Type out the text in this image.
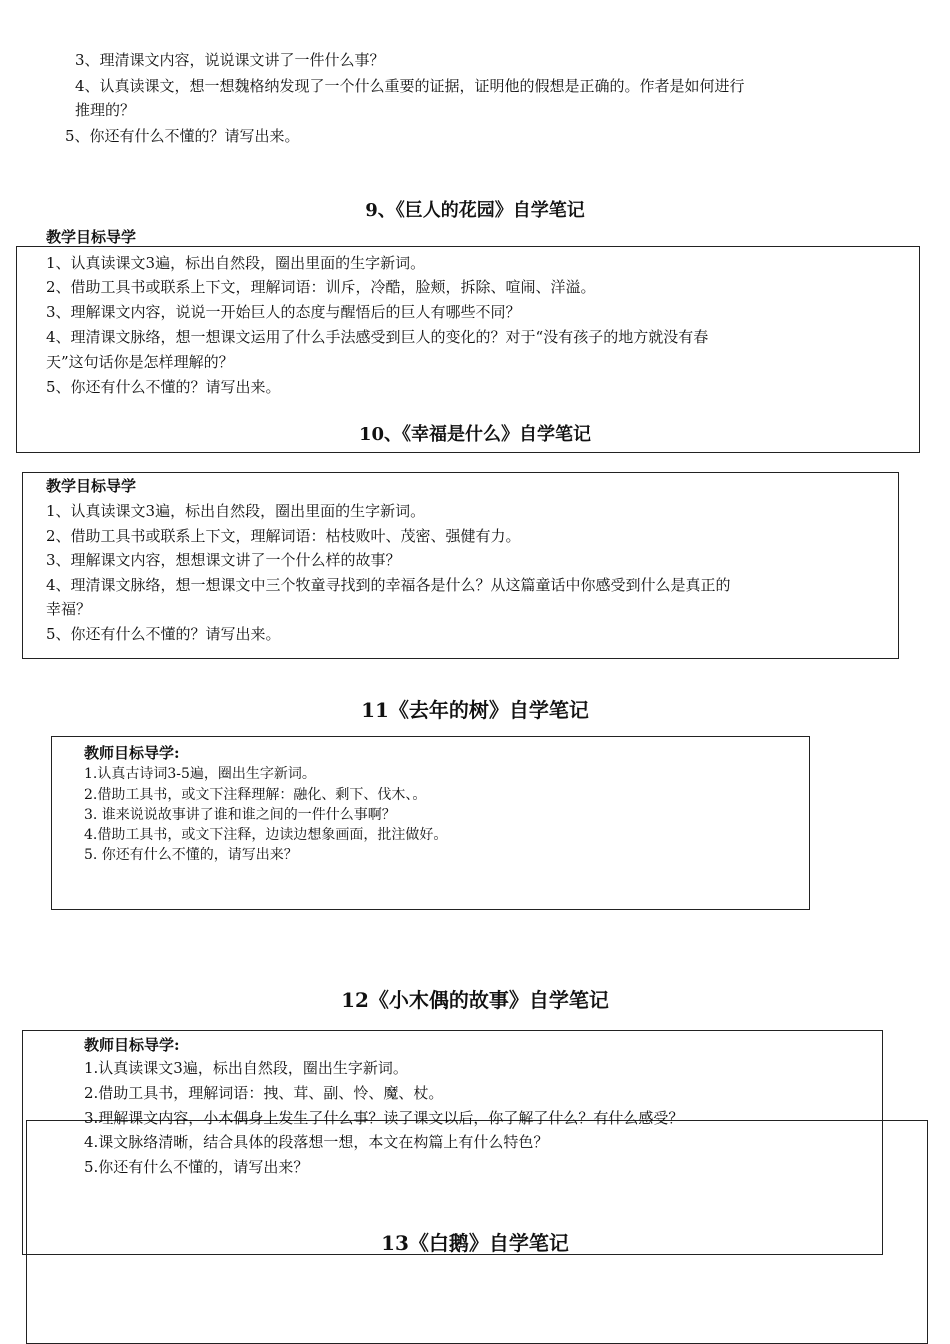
3、理清课文内容，说说课文讲了一件什么事？
4、认真读课文，想一想魏格纳发现了一个什么重要的证据，证明他的假想是正确的。作者是如何进行
推理的？
5、你还有什么不懂的？请写出来。
9、《巨人的花园》自学笔记
教学目标导学
1、认真读课文3遍，标出自然段，圈出里面的生字新词。
2、借助工具书或联系上下文，理解词语：训斥，冷酷，脸颊，拆除、喧闹、洋溢。
3、理解课文内容，说说一开始巨人的态度与醒悟后的巨人有哪些不同？
4、理清课文脉络，想一想课文运用了什么手法感受到巨人的变化的？对于“没有孩子的地方就没有春
天”这句话你是怎样理解的？
5、你还有什么不懂的？请写出来。
10、《幸福是什么》自学笔记
教学目标导学
1、认真读课文3遍，标出自然段，圈出里面的生字新词。
2、借助工具书或联系上下文，理解词语：枯枝败叶、茂密、强健有力。
3、理解课文内容，想想课文讲了一个什么样的故事？
4、理清课文脉络，想一想课文中三个牧童寻找到的幸福各是什么？从这篇童话中你感受到什么是真正的
幸福？
5、你还有什么不懂的？请写出来。
11《去年的树》自学笔记
教师目标导学:
1.认真古诗词3-5遍，圈出生字新词。
2.借助工具书，或文下注释理解：融化、剩下、伐木、。
3. 谁来说说故事讲了谁和谁之间的一件什么事啊？
4.借助工具书，或文下注释，边读边想象画面，批注做好。
5. 你还有什么不懂的，请写出来？
12《小木偶的故事》自学笔记
教师目标导学:
1.认真读课文3遍，标出自然段，圈出生字新词。
2.借助工具书，理解词语：拽、茸、副、怜、魔、杖。
3.理解课文内容，小木偶身上发生了什么事？读了课文以后，你了解了什么？有什么感受？
4.课文脉络清晰，结合具体的段落想一想，本文在构篇上有什么特色？
5.你还有什么不懂的，请写出来？
13《白鹅》自学笔记
